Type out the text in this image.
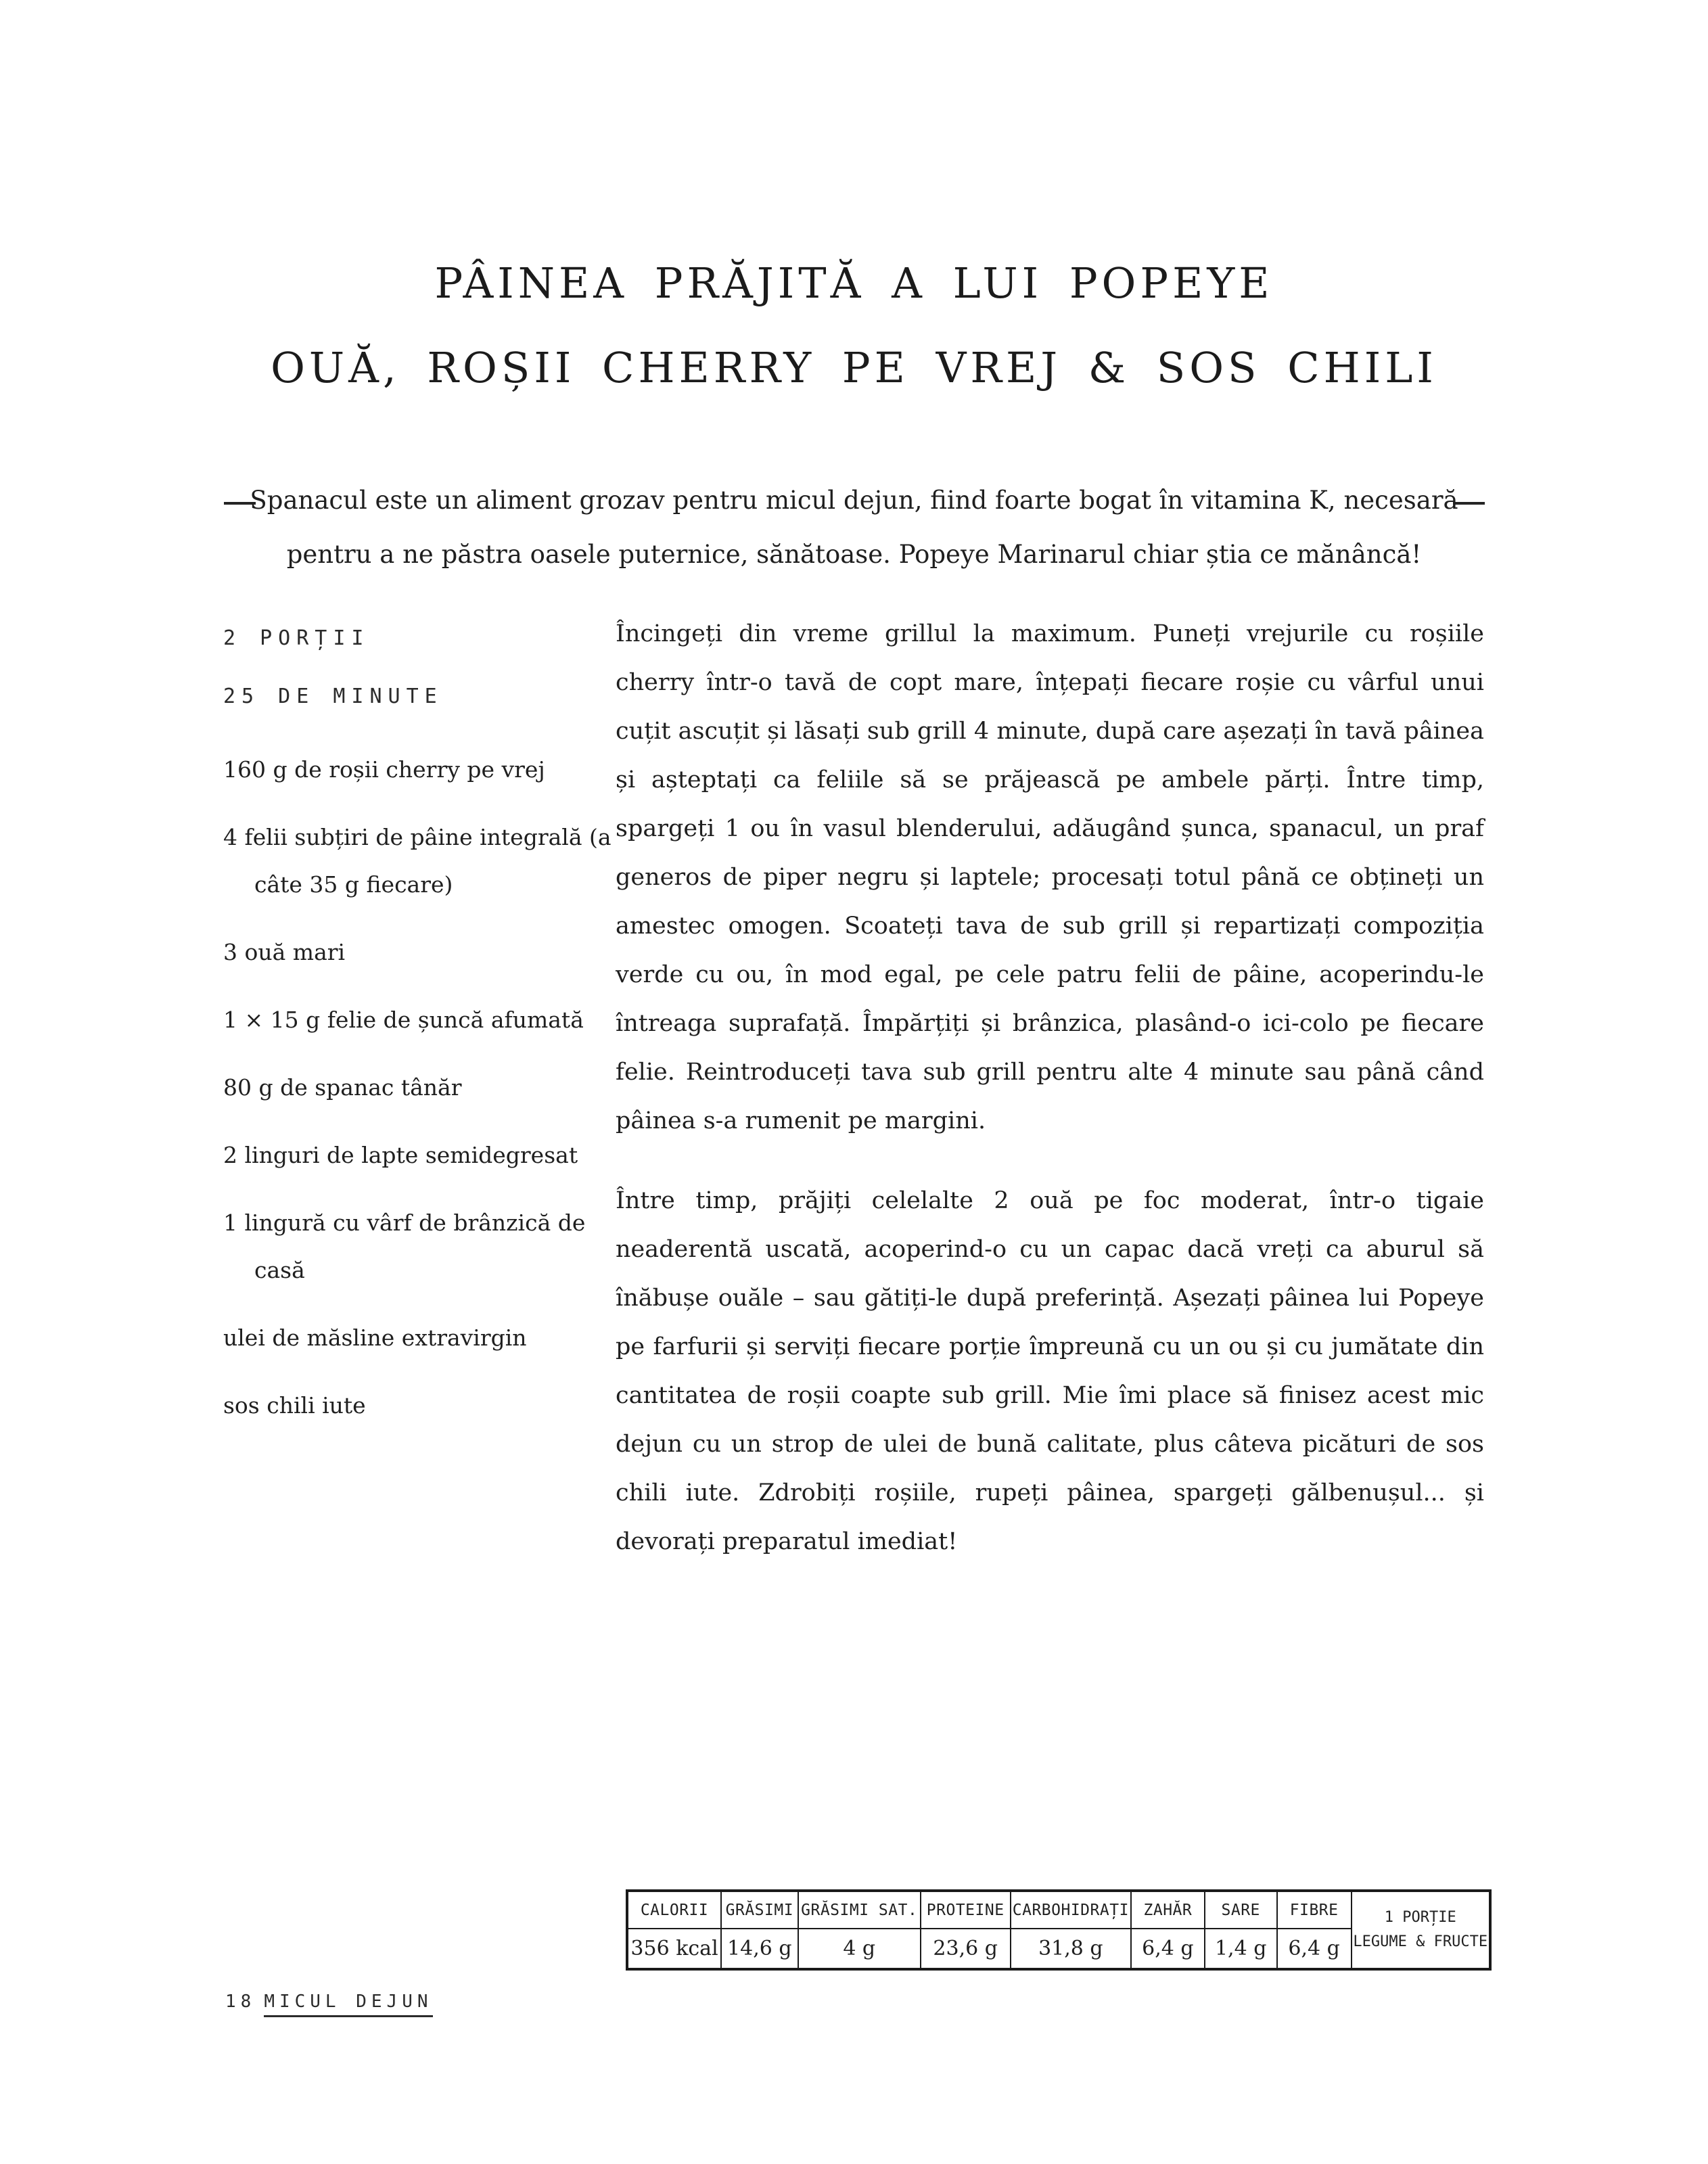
PÂINEA PRĂJITĂ A LUI POPEYE
OUĂ, ROȘII CHERRY PE VREJ & SOS CHILI
Spanacul este un aliment grozav pentru micul dejun, fiind foarte bogat în vitamina K, necesară pentru a ne păstra oasele puternice, sănătoase. Popeye Marinarul chiar știa ce mănâncă!
2 PORȚII
25 DE MINUTE
160 g de roșii cherry pe vrej
4 felii subțiri de pâine integrală (a câte 35 g fiecare)
3 ouă mari
1 × 15 g felie de șuncă afumată
80 g de spanac tânăr
2 linguri de lapte semidegresat
1 lingură cu vârf de brânzică de casă
ulei de măsline extravirgin
sos chili iute

Încingeți din vreme grillul la maximum. Puneți vrejurile cu roșiile cherry într-o tavă de copt mare, înțepați fiecare roșie cu vârful unui cuțit ascuțit și lăsați sub grill 4 minute, după care așezați în tavă pâinea și așteptați ca feliile să se prăjească pe ambele părți. Între timp, spargeți 1 ou în vasul blenderului, adăugând șunca, spanacul, un praf generos de piper negru și laptele; procesați totul până ce obțineți un amestec omogen. Scoateți tava de sub grill și repartizați compoziția verde cu ou, în mod egal, pe cele patru felii de pâine, acoperindu-le întreaga suprafață. Împărțiți și brânzica, plasând-o ici-colo pe fiecare felie. Reintroduceți tava sub grill pentru alte 4 minute sau până când pâinea s-a rumenit pe margini.

Între timp, prăjiți celelalte 2 ouă pe foc moderat, într-o tigaie neaderentă uscată, acoperind-o cu un capac dacă vreți ca aburul să înăbușe ouăle – sau gătiți-le după preferință. Așezați pâinea lui Popeye pe farfurii și serviți fiecare porție împreună cu un ou și cu jumătate din cantitatea de roșii coapte sub grill. Mie îmi place să finisez acest mic dejun cu un strop de ulei de bună calitate, plus câteva picături de sos chili iute. Zdrobiți roșiile, rupeți pâinea, spargeți gălbenușul... și devorați preparatul imediat!

CALORII	GRĂSIMI	GRĂSIMI SAT.	PROTEINE	CARBOHIDRAȚI	ZAHĂR	SARE	FIBRE	1 PORȚIE
LEGUME & FRUCTE

356 kcal	14,6 g	4 g	23,6 g	31,8 g	6,4 g	1,4 g	6,4 g	
18 MICUL DEJUN
